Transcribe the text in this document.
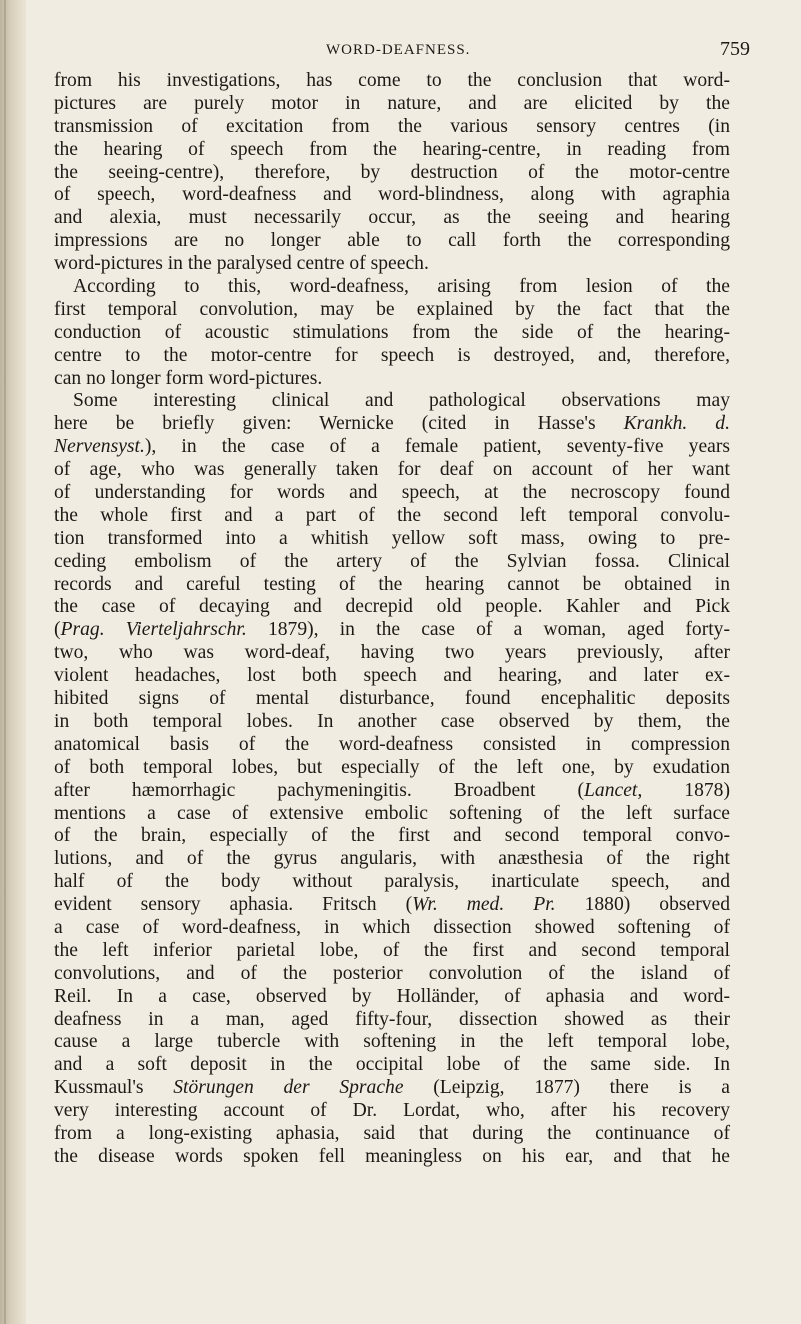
WORD-DEAFNESS.	759
from his investigations, has come to the conclusion that word-
pictures are purely motor in nature, and are elicited by the
transmission of excitation from the various sensory centres (in
the hearing of speech from the hearing-centre, in reading from
the seeing-centre), therefore, by destruction of the motor-centre
of speech, word-deafness and word-blindness, along with agraphia
and alexia, must necessarily occur, as the seeing and hearing
impressions are no longer able to call forth the corresponding
word-pictures in the paralysed centre of speech.
According to this, word-deafness, arising from lesion of the
first temporal convolution, may be explained by the fact that the
conduction of acoustic stimulations from the side of the hearing-
centre to the motor-centre for speech is destroyed, and, therefore,
can no longer form word-pictures.
Some interesting clinical and pathological observations may
here be briefly given: Wernicke (cited in Hasse's Krankh. d.
Nervensyst.), in the case of a female patient, seventy-five years
of age, who was generally taken for deaf on account of her want
of understanding for words and speech, at the necroscopy found
the whole first and a part of the second left temporal convolu-
tion transformed into a whitish yellow soft mass, owing to pre-
ceding embolism of the artery of the Sylvian fossa. Clinical
records and careful testing of the hearing cannot be obtained in
the case of decaying and decrepid old people. Kahler and Pick
(Prag. Vierteljahrschr. 1879), in the case of a woman, aged forty-
two, who was word-deaf, having two years previously, after
violent headaches, lost both speech and hearing, and later ex-
hibited signs of mental disturbance, found encephalitic deposits
in both temporal lobes. In another case observed by them, the
anatomical basis of the word-deafness consisted in compression
of both temporal lobes, but especially of the left one, by exudation
after hæmorrhagic pachymeningitis. Broadbent (Lancet, 1878)
mentions a case of extensive embolic softening of the left surface
of the brain, especially of the first and second temporal convo-
lutions, and of the gyrus angularis, with anæsthesia of the right
half of the body without paralysis, inarticulate speech, and
evident sensory aphasia. Fritsch (Wr. med. Pr. 1880) observed
a case of word-deafness, in which dissection showed softening of
the left inferior parietal lobe, of the first and second temporal
convolutions, and of the posterior convolution of the island of
Reil. In a case, observed by Holländer, of aphasia and word-
deafness in a man, aged fifty-four, dissection showed as their
cause a large tubercle with softening in the left temporal lobe,
and a soft deposit in the occipital lobe of the same side. In
Kussmaul's Störungen der Sprache (Leipzig, 1877) there is a
very interesting account of Dr. Lordat, who, after his recovery
from a long-existing aphasia, said that during the continuance of
the disease words spoken fell meaningless on his ear, and that he
